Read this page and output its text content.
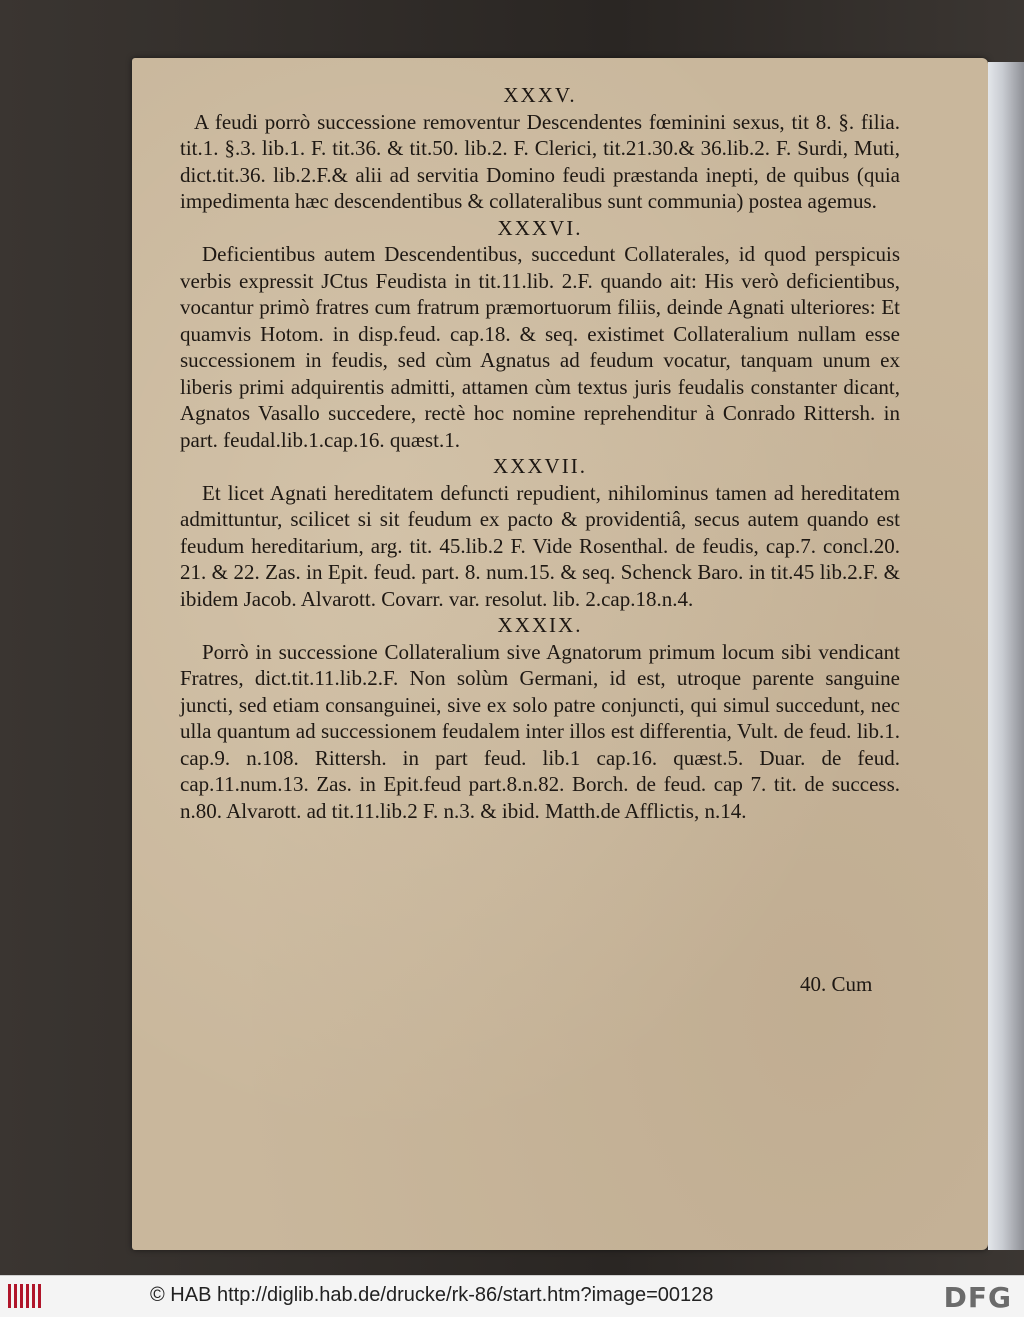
XXXV.

A feudi porrò successione removentur Descendentes fœminini sexus, tit 8. §. filia. tit.1. §.3. lib.1. F. tit.36. & tit.50. lib.2. F. Clerici, tit.21.30.& 36.lib.2. F. Surdi, Muti, dict.tit.36. lib.2.F.& alii ad servitia Domino feudi præstanda inepti, de quibus (quia impedimenta hæc descendentibus & collateralibus sunt communia) postea agemus.

XXXVI.

Deficientibus autem Descendentibus, succedunt Collaterales, id quod perspicuis verbis expressit JCtus Feudista in tit.11.lib. 2.F. quando ait: His verò deficientibus, vocantur primò fratres cum fratrum præmortuorum filiis, deinde Agnati ulteriores: Et quamvis Hotom. in disp.feud. cap.18. & seq. existimet Collateralium nullam esse successionem in feudis, sed cùm Agnatus ad feudum vocatur, tanquam unum ex liberis primi adquirentis admitti, attamen cùm textus juris feudalis constanter dicant, Agnatos Vasallo succedere, rectè hoc nomine reprehenditur à Conrado Rittersh. in part. feudal.lib.1.cap.16. quæst.1.

XXXVII.

Et licet Agnati hereditatem defuncti repudient, nihilominus tamen ad hereditatem admittuntur, scilicet si sit feudum ex pacto & providentiâ, secus autem quando est feudum hereditarium, arg. tit. 45.lib.2 F. Vide Rosenthal. de feudis, cap.7. concl.20. 21. & 22. Zas. in Epit. feud. part. 8. num.15. & seq. Schenck Baro. in tit.45 lib.2.F. & ibidem Jacob. Alvarott. Covarr. var. resolut. lib. 2.cap.18.n.4.

XXXIX.

Porrò in successione Collateralium sive Agnatorum primum locum sibi vendicant Fratres, dict.tit.11.lib.2.F. Non solùm Germani, id est, utroque parente sanguine juncti, sed etiam consanguinei, sive ex solo patre conjuncti, qui simul succedunt, nec ulla quantum ad successionem feudalem inter illos est differentia, Vult. de feud. lib.1. cap.9. n.108. Rittersh. in part feud. lib.1 cap.16. quæst.5. Duar. de feud. cap.11.num.13. Zas. in Epit.feud part.8.n.82. Borch. de feud. cap 7. tit. de success. n.80. Alvarott. ad tit.11.lib.2 F. n.3. & ibid. Matth.de Afflictis, n.14.

40. Cum
© HAB http://diglib.hab.de/drucke/rk-86/start.htm?image=00128	DFG
